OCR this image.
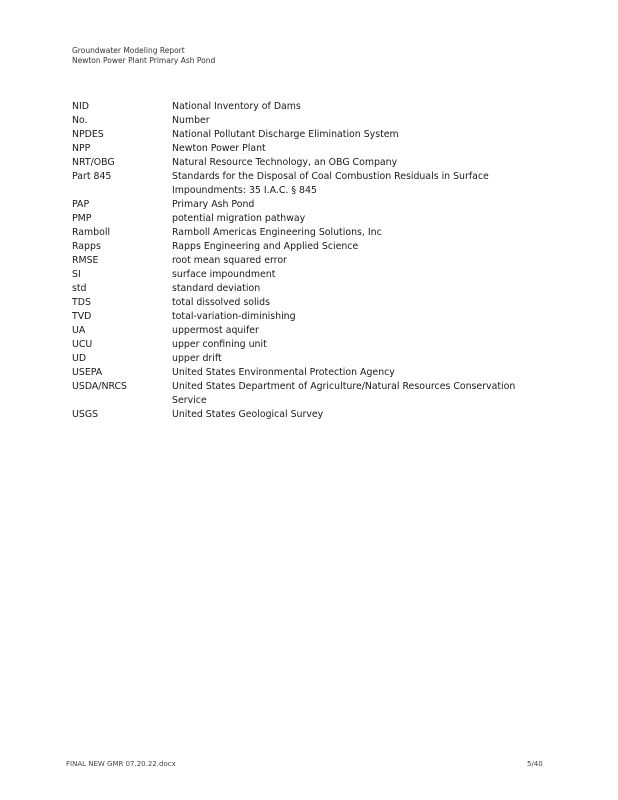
Groundwater Modeling Report
Newton Power Plant Primary Ash Pond
NID	National Inventory of Dams
No.	Number
NPDES	National Pollutant Discharge Elimination System
NPP	Newton Power Plant
NRT/OBG	Natural Resource Technology, an OBG Company
Part 845	Standards for the Disposal of Coal Combustion Residuals in Surface Impoundments: 35 I.A.C. § 845
PAP	Primary Ash Pond
PMP	potential migration pathway
Ramboll	Ramboll Americas Engineering Solutions, Inc
Rapps	Rapps Engineering and Applied Science
RMSE	root mean squared error
SI	surface impoundment
std	standard deviation
TDS	total dissolved solids
TVD	total-variation-diminishing
UA	uppermost aquifer
UCU	upper confining unit
UD	upper drift
USEPA	United States Environmental Protection Agency
USDA/NRCS	United States Department of Agriculture/Natural Resources Conservation Service
USGS	United States Geological Survey
FINAL NEW GMR 07.20.22.docx	5/40
